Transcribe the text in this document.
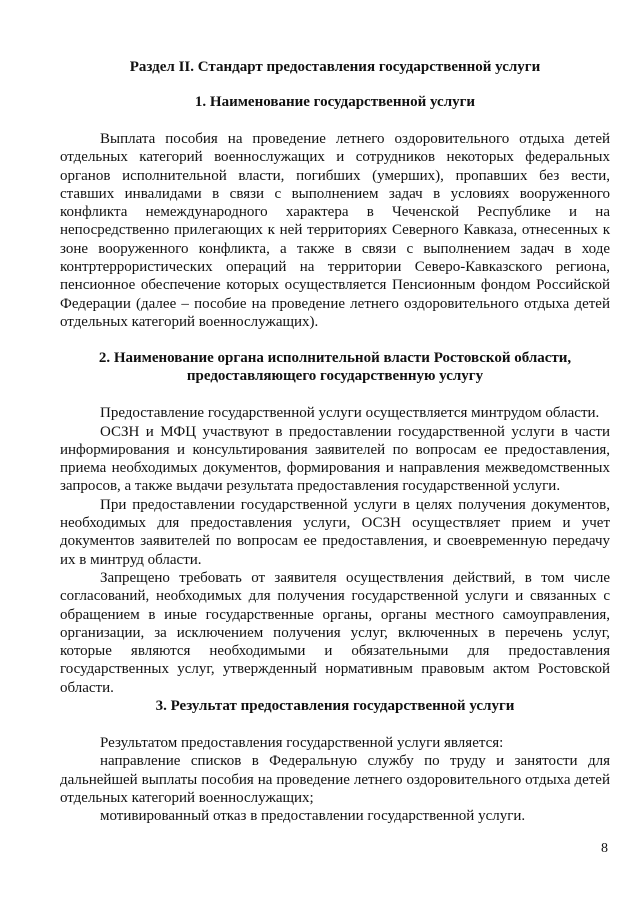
Раздел II. Стандарт предоставления государственной услуги
1. Наименование государственной услуги

Выплата пособия на проведение летнего оздоровительного отдыха детей отдельных категорий военнослужащих и сотрудников некоторых федеральных органов исполнительной власти, погибших (умерших), пропавших без вести, ставших инвалидами в связи с выполнением задач в условиях вооруженного конфликта немеждународного характера в Чеченской Республике и на непосредственно прилегающих к ней территориях Северного Кавказа, отнесенных к зоне вооруженного конфликта, а также в связи с выполнением задач в ходе контртеррористических операций на территории Северо-Кавказского региона, пенсионное обеспечение которых осуществляется Пенсионным фондом Российской Федерации (далее – пособие на проведение летнего оздоровительного отдыха детей отдельных категорий военнослужащих).

2. Наименование органа исполнительной власти Ростовской области,
предоставляющего государственную услугу

Предоставление государственной услуги осуществляется минтрудом области.

ОСЗН и МФЦ участвуют в предоставлении государственной услуги в части информирования и консультирования заявителей по вопросам ее предоставления, приема необходимых документов, формирования и направления межведомственных запросов, а также выдачи результата предоставления государственной услуги.

При предоставлении государственной услуги в целях получения документов, необходимых для предоставления услуги, ОСЗН осуществляет прием и учет документов заявителей по вопросам ее предоставления, и своевременную передачу их в минтруд области.

Запрещено требовать от заявителя осуществления действий, в том числе согласований, необходимых для получения государственной услуги и связанных с обращением в иные государственные органы, органы местного самоуправления, организации, за исключением получения услуг, включенных в перечень услуг, которые являются необходимыми и обязательными для предоставления государственных услуг, утвержденный нормативным правовым актом Ростовской области.

3. Результат предоставления государственной услуги

Результатом предоставления государственной услуги является:

направление списков в Федеральную службу по труду и занятости для дальнейшей выплаты пособия на проведение летнего оздоровительного отдыха детей отдельных категорий военнослужащих;

мотивированный отказ в предоставлении государственной услуги.

8
